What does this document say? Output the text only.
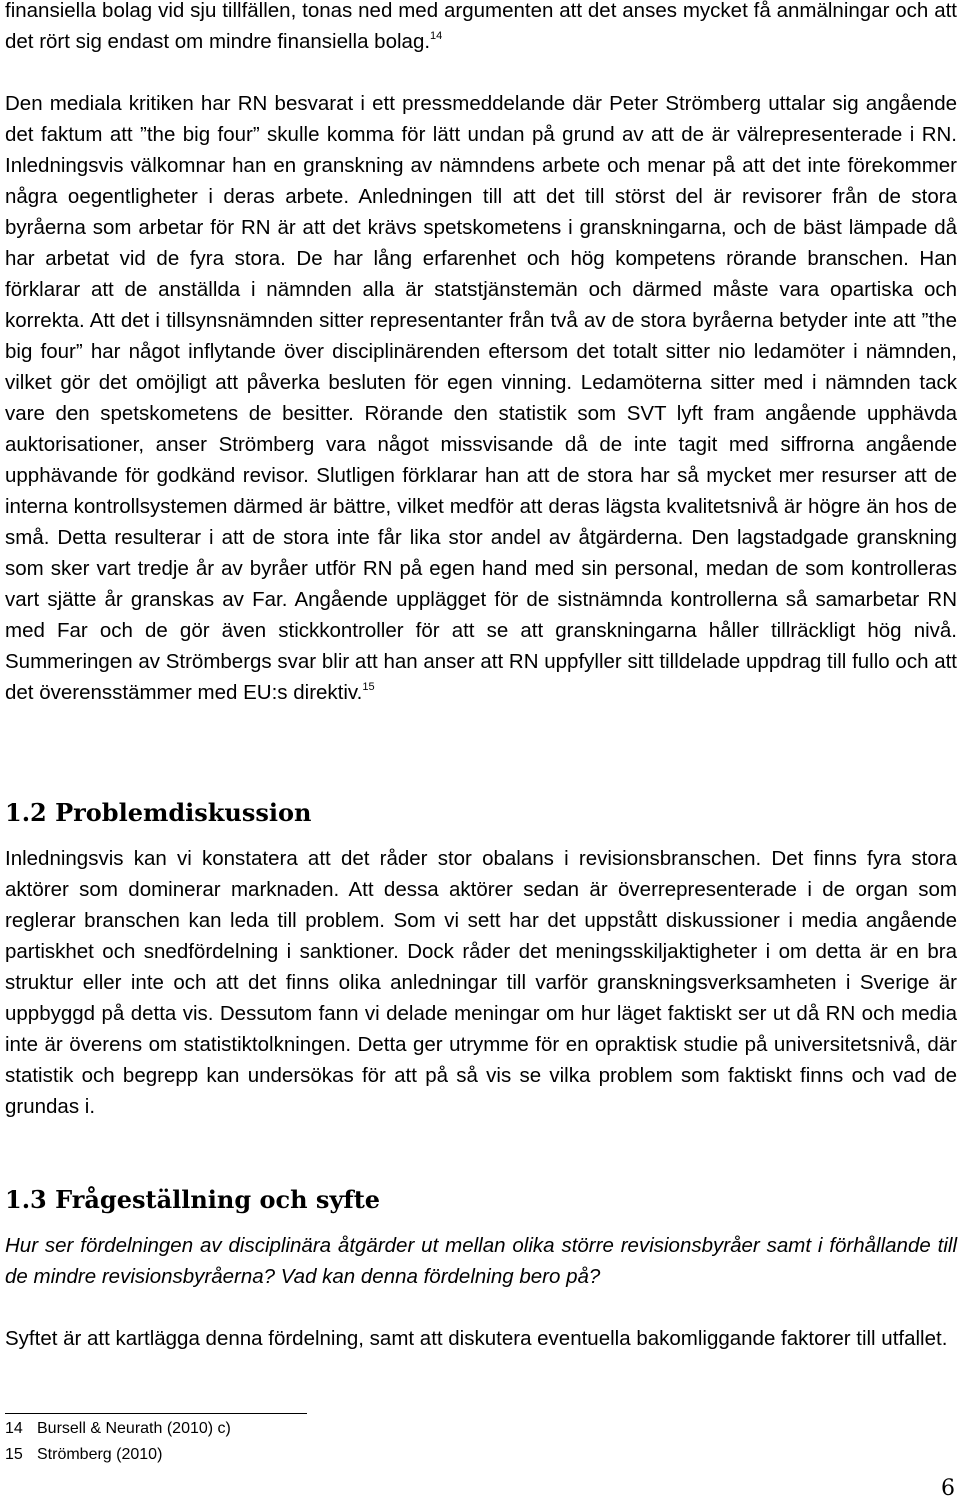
finansiella bolag vid sju tillfällen, tonas ned med argumenten att det anses mycket få anmälningar och att det rört sig endast om mindre finansiella bolag.$^{14}$

Den mediala kritiken har RN besvarat i ett pressmeddelande där Peter Strömberg uttalar sig angående det faktum att ”the big four” skulle komma för lätt undan på grund av att de är välrepresenterade i RN. Inledningsvis välkomnar han en granskning av nämndens arbete och menar på att det inte förekommer några oegentligheter i deras arbete. Anledningen till att det till störst del är revisorer från de stora byråerna som arbetar för RN är att det krävs spetskometens i granskningarna, och de bäst lämpade då har arbetat vid de fyra stora. De har lång erfarenhet och hög kompetens rörande branschen. Han förklarar att de anställda i nämnden alla är statstjänstemän och därmed måste vara opartiska och korrekta. Att det i tillsynsnämnden sitter representanter från två av de stora byråerna betyder inte att ”the big four” har något inflytande över disciplinärenden eftersom det totalt sitter nio ledamöter i nämnden, vilket gör det omöjligt att påverka besluten för egen vinning. Ledamöterna sitter med i nämnden tack vare den spetskometens de besitter. Rörande den statistik som SVT lyft fram angående upphävda auktorisationer, anser Strömberg vara något missvisande då de inte tagit med siffrorna angående upphävande för godkänd revisor. Slutligen förklarar han att de stora har så mycket mer resurser att de interna kontrollsystemen därmed är bättre, vilket medför att deras lägsta kvalitetsnivå är högre än hos de små. Detta resulterar i att de stora inte får lika stor andel av åtgärderna. Den lagstadgade granskning som sker vart tredje år av byråer utför RN på egen hand med sin personal, medan de som kontrolleras vart sjätte år granskas av Far. Angående upplägget för de sistnämnda kontrollerna så samarbetar RN med Far och de gör även stickkontroller för att se att granskningarna håller tillräckligt hög nivå. Summeringen av Strömbergs svar blir att han anser att RN uppfyller sitt tilldelade uppdrag till fullo och att det överensstämmer med EU:s direktiv.$^{15}$

1.2 Problemdiskussion

Inledningsvis kan vi konstatera att det råder stor obalans i revisionsbranschen. Det finns fyra stora aktörer som dominerar marknaden. Att dessa aktörer sedan är överrepresenterade i de organ som reglerar branschen kan leda till problem. Som vi sett har det uppstått diskussioner i media angående partiskhet och snedfördelning i sanktioner. Dock råder det meningsskiljaktigheter i om detta är en bra struktur eller inte och att det finns olika anledningar till varför granskningsverksamheten i Sverige är uppbyggd på detta vis. Dessutom fann vi delade meningar om hur läget faktiskt ser ut då RN och media inte är överens om statistiktolkningen. Detta ger utrymme för en opraktisk studie på universitetsnivå, där statistik och begrepp kan undersökas för att på så vis se vilka problem som faktiskt finns och vad de grundas i.

1.3 Frågeställning och syfte

Hur ser fördelningen av disciplinära åtgärder ut mellan olika större revisionsbyråer samt i förhållande till de mindre revisionsbyråerna? Vad kan denna fördelning bero på?

Syftet är att kartlägga denna fördelning, samt att diskutera eventuella bakomliggande faktorer till utfallet.

14 Bursell & Neurath (2010) c)
15 Strömberg (2010)
6
